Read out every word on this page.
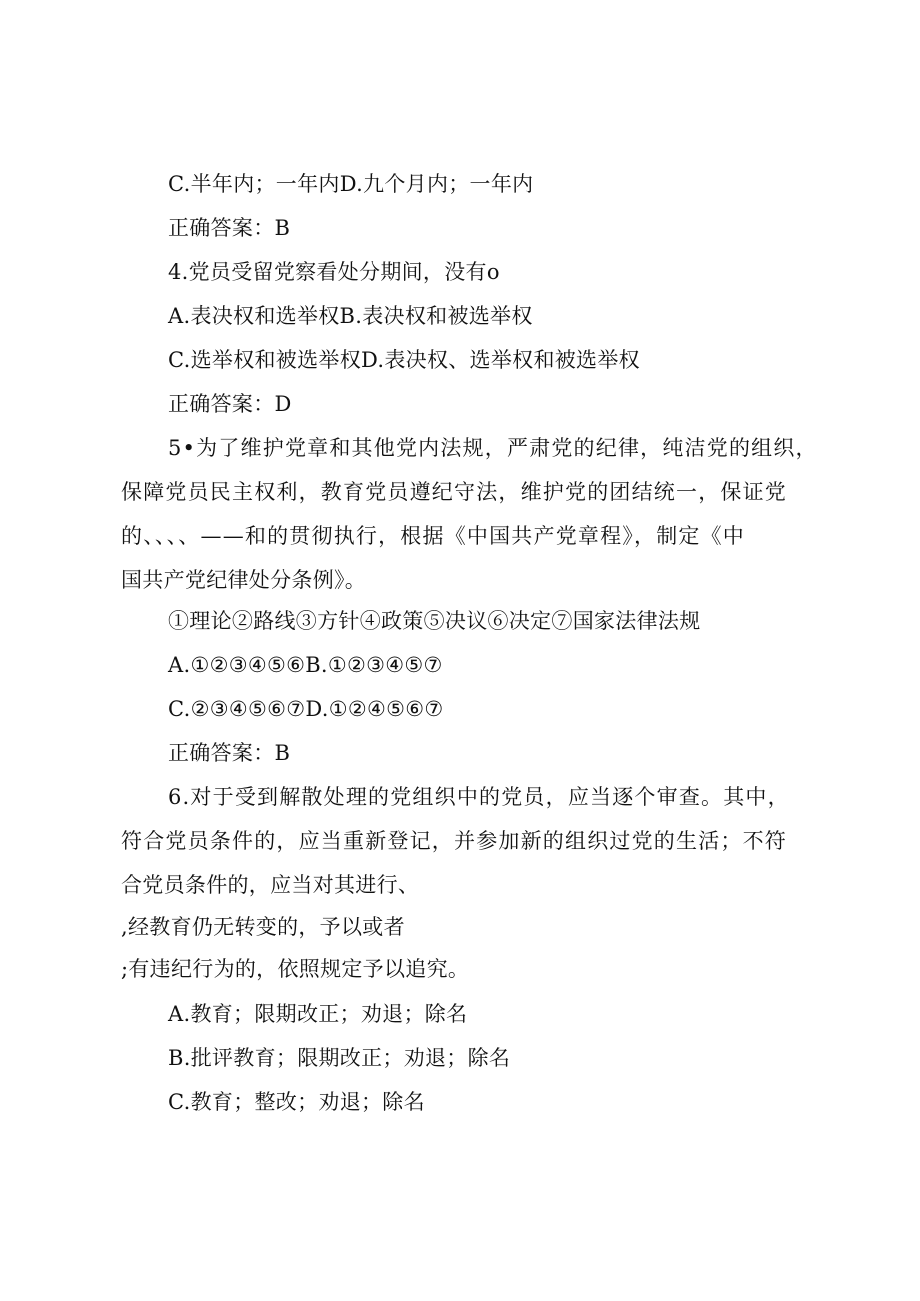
C.半年内；一年内D.九个月内；一年内
正确答案：B
4.党员受留党察看处分期间，没有o
A.表决权和选举权B.表决权和被选举权
C.选举权和被选举权D.表决权、选举权和被选举权
正确答案：D
5•为了维护党章和其他党内法规，严肃党的纪律，纯洁党的组织，
保障党员民主权利，教育党员遵纪守法，维护党的团结统一，保证党
的、、、、——和的贯彻执行，根据《中国共产党章程》，制定《中
国共产党纪律处分条例》。
①理论②路线③方针④政策⑤决议⑥决定⑦国家法律法规
A.①②③④⑤⑥B.①②③④⑤⑦
C.②③④⑤⑥⑦D.①②④⑤⑥⑦
正确答案：B
6.对于受到解散处理的党组织中的党员，应当逐个审查。其中，
符合党员条件的，应当重新登记，并参加新的组织过党的生活；不符
合党员条件的，应当对其进行、
,经教育仍无转变的，予以或者
;有违纪行为的，依照规定予以追究。
A.教育；限期改正；劝退；除名
B.批评教育；限期改正；劝退；除名
C.教育；整改；劝退；除名
